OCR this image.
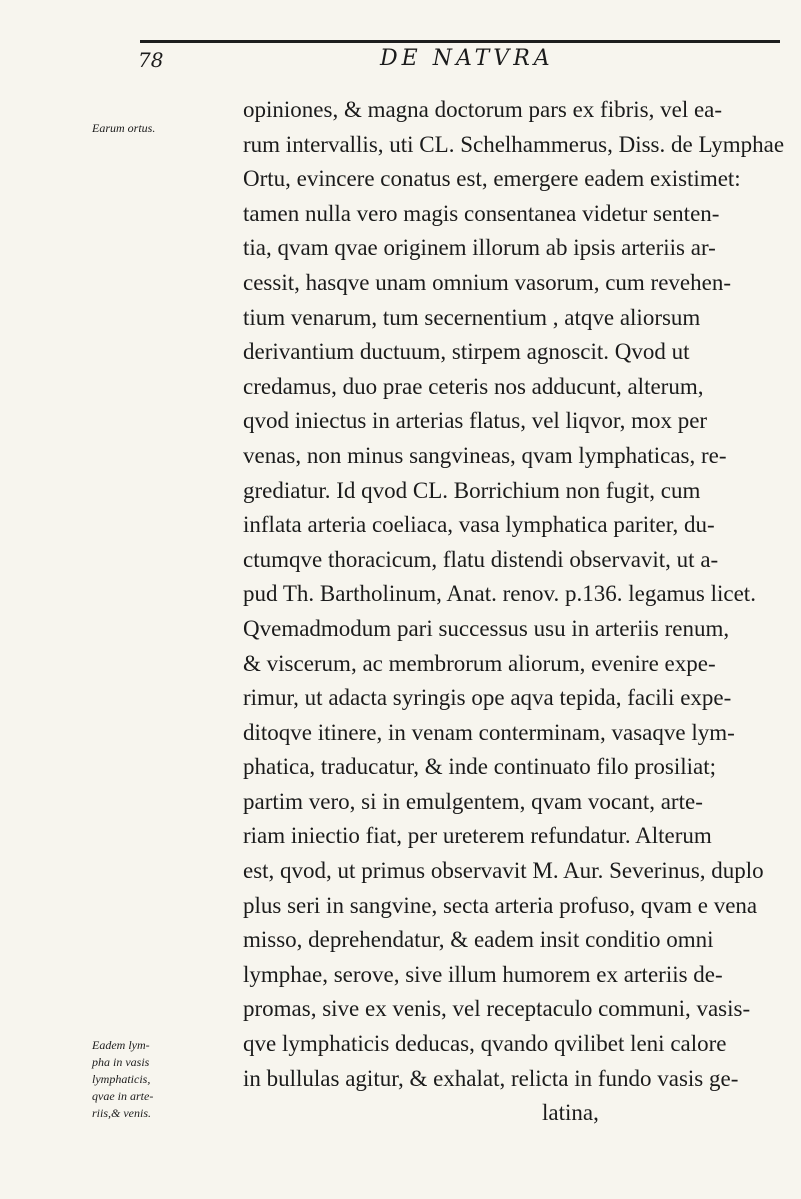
78	DE NATVRA
Earum ortus.
Eadem lym-
pha in vasis
lymphaticis,
qvae in arte-
riis,& venis.
opiniones, & magna doctorum pars ex fibris, vel ea-
rum intervallis, uti CL. Schelhammerus, Diss. de Lymphae
Ortu, evincere conatus est, emergere eadem existimet:
tamen nulla vero magis consentanea videtur senten-
tia, qvam qvae originem illorum ab ipsis arteriis ar-
cessit, hasqve unam omnium vasorum, cum revehen-
tium venarum, tum secernentium , atqve aliorsum
derivantium ductuum, stirpem agnoscit. Qvod ut
credamus, duo prae ceteris nos adducunt, alterum,
qvod iniectus in arterias flatus, vel liqvor, mox per
venas, non minus sangvineas, qvam lymphaticas, re-
grediatur. Id qvod CL. Borrichium non fugit, cum
inflata arteria coeliaca, vasa lymphatica pariter, du-
ctumqve thoracicum, flatu distendi observavit, ut a-
pud Th. Bartholinum, Anat. renov. p.136. legamus licet.
Qvemadmodum pari successus usu in arteriis renum,
& viscerum, ac membrorum aliorum, evenire expe-
rimur, ut adacta syringis ope aqva tepida, facili expe-
ditoqve itinere, in venam conterminam, vasaqve lym-
phatica, traducatur, & inde continuato filo prosiliat;
partim vero, si in emulgentem, qvam vocant, arte-
riam iniectio fiat, per ureterem refundatur. Alterum
est, qvod, ut primus observavit M. Aur. Severinus, duplo
plus seri in sangvine, secta arteria profuso, qvam e vena
misso, deprehendatur, & eadem insit conditio omni
lymphae, serove, sive illum humorem ex arteriis de-
promas, sive ex venis, vel receptaculo communi, vasis-
qve lymphaticis deducas, qvando qvilibet leni calore
in bullulas agitur, & exhalat, relicta in fundo vasis ge-
latina,
